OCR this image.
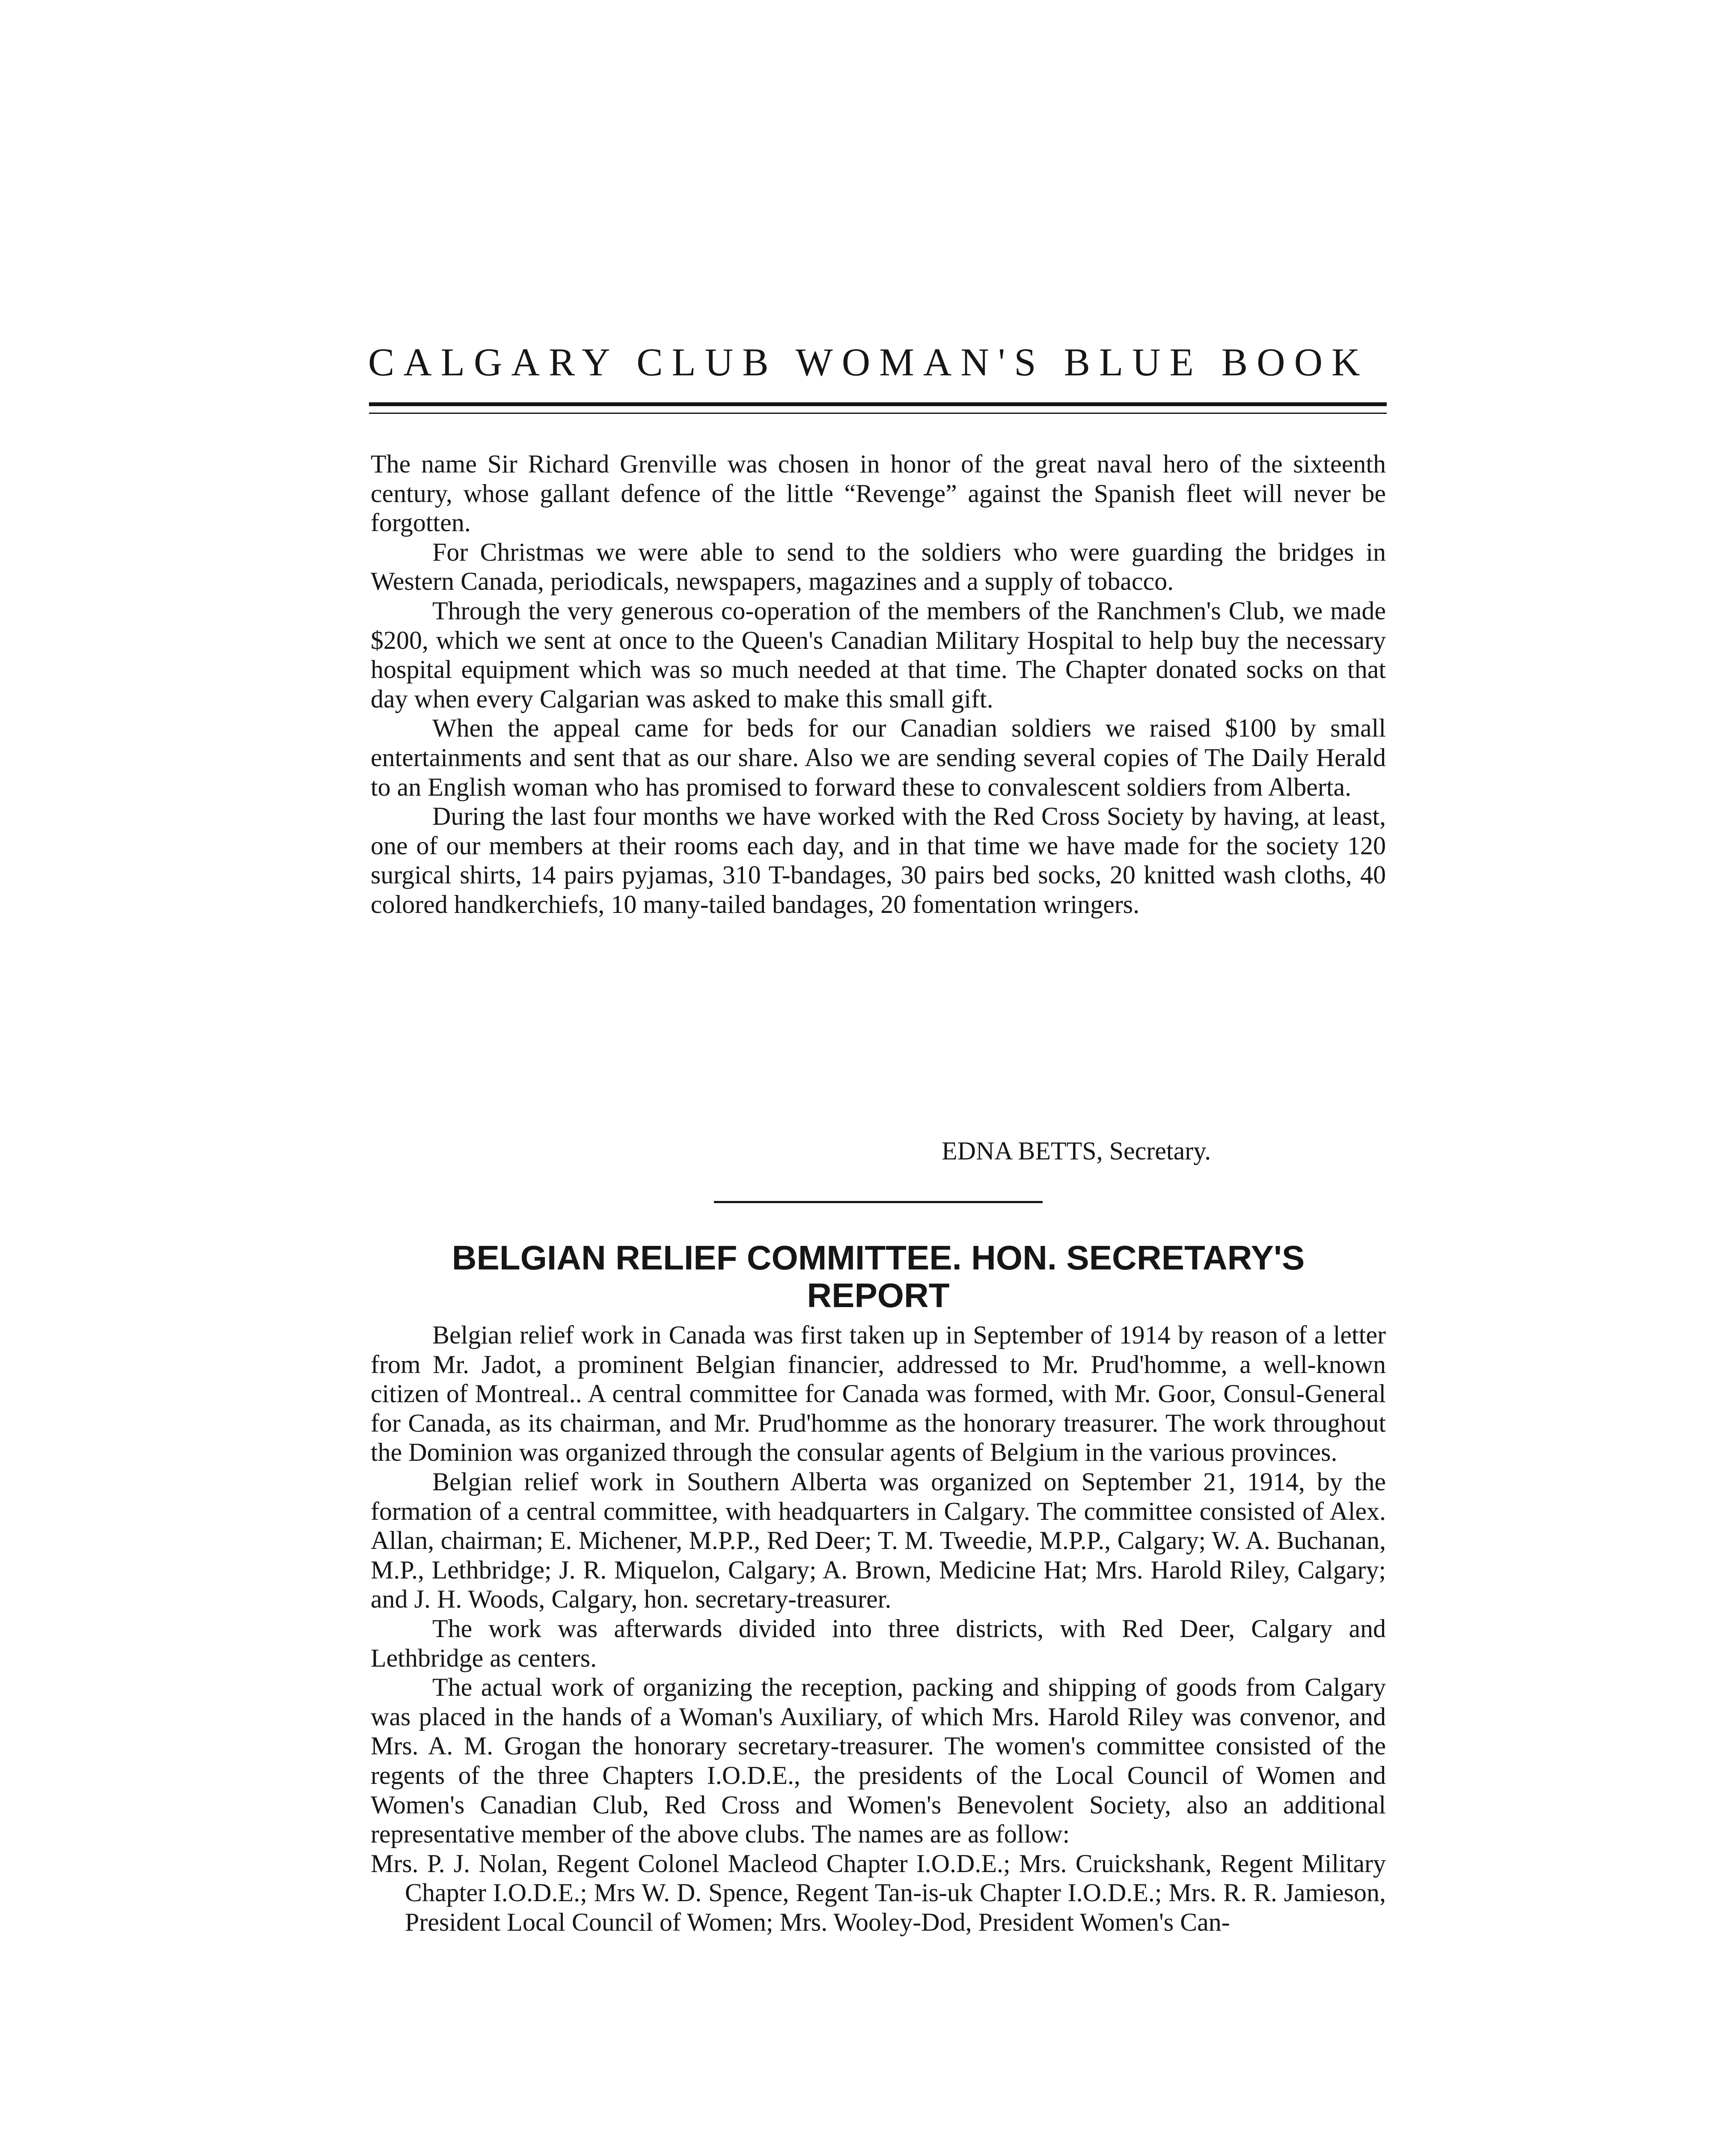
CALGARY CLUB WOMAN'S BLUE BOOK

The name Sir Richard Grenville was chosen in honor of the great naval hero of the sixteenth century, whose gallant defence of the little “Revenge” against the Spanish fleet will never be forgotten.

For Christmas we were able to send to the soldiers who were guarding the bridges in Western Canada, periodicals, newspapers, magazines and a supply of tobacco.

Through the very generous co-operation of the members of the Ranchmen's Club, we made $200, which we sent at once to the Queen's Canadian Military Hospital to help buy the necessary hospital equipment which was so much needed at that time. The Chapter donated socks on that day when every Calgarian was asked to make this small gift.

When the appeal came for beds for our Canadian soldiers we raised $100 by small entertainments and sent that as our share. Also we are sending several copies of The Daily Herald to an English woman who has promised to forward these to convalescent soldiers from Alberta.

During the last four months we have worked with the Red Cross Society by having, at least, one of our members at their rooms each day, and in that time we have made for the society 120 surgical shirts, 14 pairs pyjamas, 310 T-bandages, 30 pairs bed socks, 20 knitted wash cloths, 40 colored handkerchiefs, 10 many-tailed bandages, 20 fomentation wringers.

EDNA BETTS, Secretary.
BELGIAN RELIEF COMMITTEE. HON. SECRETARY'S
REPORT

Belgian relief work in Canada was first taken up in September of 1914 by reason of a letter from Mr. Jadot, a prominent Belgian financier, addressed to Mr. Prud'homme, a well-known citizen of Montreal.. A central committee for Canada was formed, with Mr. Goor, Consul-General for Canada, as its chairman, and Mr. Prud'homme as the honorary treasurer. The work throughout the Dominion was organized through the consular agents of Belgium in the various provinces.

Belgian relief work in Southern Alberta was organized on September 21, 1914, by the formation of a central committee, with headquarters in Calgary. The committee consisted of Alex. Allan, chairman; E. Michener, M.P.P., Red Deer; T. M. Tweedie, M.P.P., Calgary; W. A. Buchanan, M.P., Lethbridge; J. R. Miquelon, Calgary; A. Brown, Medicine Hat; Mrs. Harold Riley, Calgary; and J. H. Woods, Calgary, hon. secretary-treasurer.

The work was afterwards divided into three districts, with Red Deer, Calgary and Lethbridge as centers.

The actual work of organizing the reception, packing and shipping of goods from Calgary was placed in the hands of a Woman's Auxiliary, of which Mrs. Harold Riley was convenor, and Mrs. A. M. Grogan the honorary secretary-treasurer. The women's committee consisted of the regents of the three Chapters I.O.D.E., the presidents of the Local Council of Women and Women's Canadian Club, Red Cross and Women's Benevolent Society, also an additional representative member of the above clubs. The names are as follow:

Mrs. P. J. Nolan, Regent Colonel Macleod Chapter I.O.D.E.; Mrs. Cruickshank, Regent Military Chapter I.O.D.E.; Mrs W. D. Spence, Regent Tan-is-uk Chapter I.O.D.E.; Mrs. R. R. Jamieson, President Local Council of Women; Mrs. Wooley-Dod, President Women's Can-
